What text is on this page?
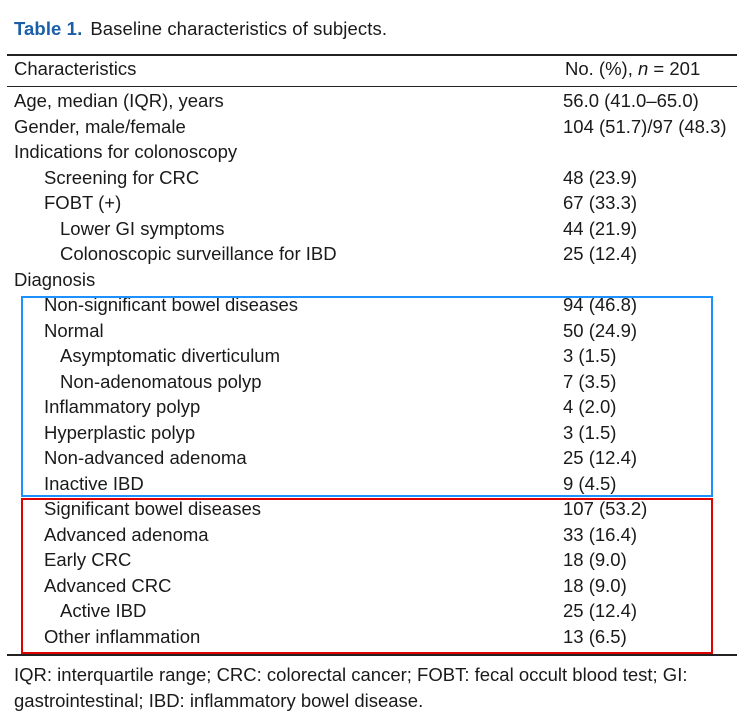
Table 1. Baseline characteristics of subjects.
Characteristics	No. (%), n = 201
Age, median (IQR), years	56.0 (41.0–65.0)
Gender, male/female	104 (51.7)/97 (48.3)
Indications for colonoscopy
Screening for CRC	48 (23.9)
FOBT (+)	67 (33.3)
Lower GI symptoms	44 (21.9)
Colonoscopic surveillance for IBD	25 (12.4)
Diagnosis
Non-significant bowel diseases	94 (46.8)
Normal	50 (24.9)
Asymptomatic diverticulum	3 (1.5)
Non-adenomatous polyp	7 (3.5)
Inflammatory polyp	4 (2.0)
Hyperplastic polyp	3 (1.5)
Non-advanced adenoma	25 (12.4)
Inactive IBD	9 (4.5)
Significant bowel diseases	107 (53.2)
Advanced adenoma	33 (16.4)
Early CRC	18 (9.0)
Advanced CRC	18 (9.0)
Active IBD	25 (12.4)
Other inflammation	13 (6.5)
IQR: interquartile range; CRC: colorectal cancer; FOBT: fecal occult blood test; GI: gastrointestinal; IBD: inflammatory bowel disease.
